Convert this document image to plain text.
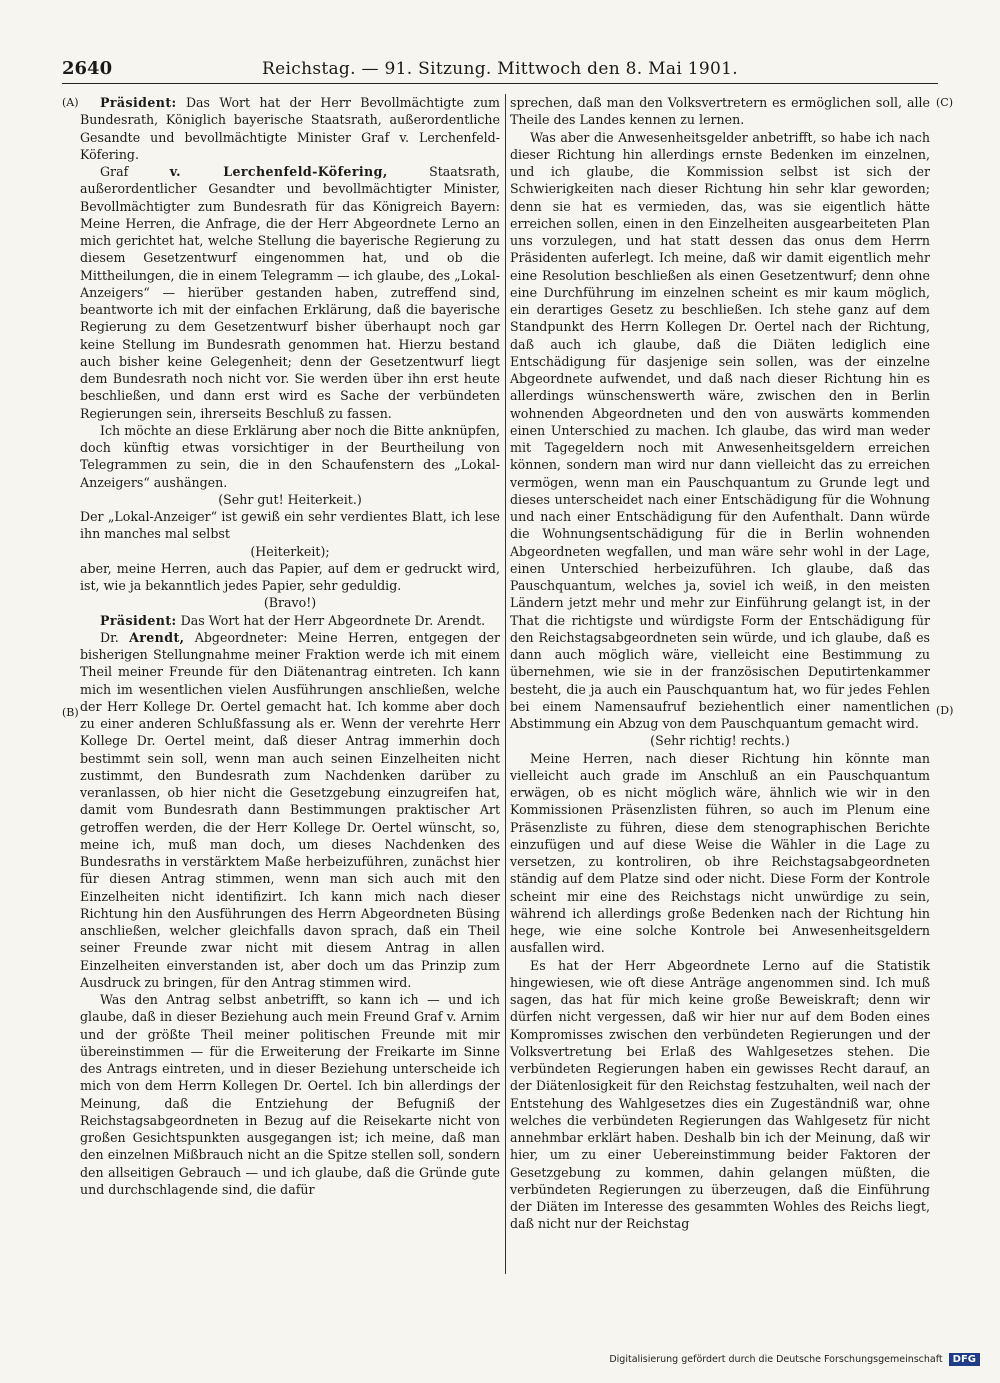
2640	Reichstag. — 91. Sitzung. Mittwoch den 8. Mai 1901.
(A)
(B)
(C)
(D)

Präsident: Das Wort hat der Herr Bevollmächtigte zum Bundesrath, Königlich bayerische Staatsrath, außerordentliche Gesandte und bevollmächtigte Minister Graf v. Lerchenfeld-Köfering.

Graf v. Lerchenfeld-Köfering, Staatsrath, außerordentlicher Gesandter und bevollmächtigter Minister, Bevollmächtigter zum Bundesrath für das Königreich Bayern: Meine Herren, die Anfrage, die der Herr Abgeordnete Lerno an mich gerichtet hat, welche Stellung die bayerische Regierung zu diesem Gesetzentwurf eingenommen hat, und ob die Mittheilungen, die in einem Telegramm — ich glaube, des „Lokal-Anzeigers“ — hierüber gestanden haben, zutreffend sind, beantworte ich mit der einfachen Erklärung, daß die bayerische Regierung zu dem Gesetzentwurf bisher überhaupt noch gar keine Stellung im Bundesrath genommen hat. Hierzu bestand auch bisher keine Gelegenheit; denn der Gesetzentwurf liegt dem Bundesrath noch nicht vor. Sie werden über ihn erst heute beschließen, und dann erst wird es Sache der verbündeten Regierungen sein, ihrerseits Beschluß zu fassen.

Ich möchte an diese Erklärung aber noch die Bitte anknüpfen, doch künftig etwas vorsichtiger in der Beurtheilung von Telegrammen zu sein, die in den Schaufenstern des „Lokal-Anzeigers“ aushängen.

(Sehr gut! Heiterkeit.)

Der „Lokal-Anzeiger“ ist gewiß ein sehr verdientes Blatt, ich lese ihn manches mal selbst

(Heiterkeit);

aber, meine Herren, auch das Papier, auf dem er gedruckt wird, ist, wie ja bekanntlich jedes Papier, sehr geduldig.

(Bravo!)

Präsident: Das Wort hat der Herr Abgeordnete Dr. Arendt.

Dr. Arendt, Abgeordneter: Meine Herren, entgegen der bisherigen Stellungnahme meiner Fraktion werde ich mit einem Theil meiner Freunde für den Diätenantrag eintreten. Ich kann mich im wesentlichen vielen Ausführungen anschließen, welche der Herr Kollege Dr. Oertel gemacht hat. Ich komme aber doch zu einer anderen Schlußfassung als er. Wenn der verehrte Herr Kollege Dr. Oertel meint, daß dieser Antrag immerhin doch bestimmt sein soll, wenn man auch seinen Einzelheiten nicht zustimmt, den Bundesrath zum Nachdenken darüber zu veranlassen, ob hier nicht die Gesetzgebung einzugreifen hat, damit vom Bundesrath dann Bestimmungen praktischer Art getroffen werden, die der Herr Kollege Dr. Oertel wünscht, so, meine ich, muß man doch, um dieses Nachdenken des Bundesraths in verstärktem Maße herbeizuführen, zunächst hier für diesen Antrag stimmen, wenn man sich auch mit den Einzelheiten nicht identifizirt. Ich kann mich nach dieser Richtung hin den Ausführungen des Herrn Abgeordneten Büsing anschließen, welcher gleichfalls davon sprach, daß ein Theil seiner Freunde zwar nicht mit diesem Antrag in allen Einzelheiten einverstanden ist, aber doch um das Prinzip zum Ausdruck zu bringen, für den Antrag stimmen wird.

Was den Antrag selbst anbetrifft, so kann ich — und ich glaube, daß in dieser Beziehung auch mein Freund Graf v. Arnim und der größte Theil meiner politischen Freunde mit mir übereinstimmen — für die Erweiterung der Freikarte im Sinne des Antrags eintreten, und in dieser Beziehung unterscheide ich mich von dem Herrn Kollegen Dr. Oertel. Ich bin allerdings der Meinung, daß die Entziehung der Befugniß der Reichstagsabgeordneten in Bezug auf die Reisekarte nicht von großen Gesichtspunkten ausgegangen ist; ich meine, daß man den einzelnen Mißbrauch nicht an die Spitze stellen soll, sondern den allseitigen Gebrauch — und ich glaube, daß die Gründe gute und durchschlagende sind, die dafür

sprechen, daß man den Volksvertretern es ermöglichen soll, alle Theile des Landes kennen zu lernen.

Was aber die Anwesenheitsgelder anbetrifft, so habe ich nach dieser Richtung hin allerdings ernste Bedenken im einzelnen, und ich glaube, die Kommission selbst ist sich der Schwierigkeiten nach dieser Richtung hin sehr klar geworden; denn sie hat es vermieden, das, was sie eigentlich hätte erreichen sollen, einen in den Einzelheiten ausgearbeiteten Plan uns vorzulegen, und hat statt dessen das onus dem Herrn Präsidenten auferlegt. Ich meine, daß wir damit eigentlich mehr eine Resolution beschließen als einen Gesetzentwurf; denn ohne eine Durchführung im einzelnen scheint es mir kaum möglich, ein derartiges Gesetz zu beschließen. Ich stehe ganz auf dem Standpunkt des Herrn Kollegen Dr. Oertel nach der Richtung, daß auch ich glaube, daß die Diäten lediglich eine Entschädigung für dasjenige sein sollen, was der einzelne Abgeordnete aufwendet, und daß nach dieser Richtung hin es allerdings wünschenswerth wäre, zwischen den in Berlin wohnenden Abgeordneten und den von auswärts kommenden einen Unterschied zu machen. Ich glaube, das wird man weder mit Tagegeldern noch mit Anwesenheitsgeldern erreichen können, sondern man wird nur dann vielleicht das zu erreichen vermögen, wenn man ein Pauschquantum zu Grunde legt und dieses unterscheidet nach einer Entschädigung für die Wohnung und nach einer Entschädigung für den Aufenthalt. Dann würde die Wohnungsentschädigung für die in Berlin wohnenden Abgeordneten wegfallen, und man wäre sehr wohl in der Lage, einen Unterschied herbeizuführen. Ich glaube, daß das Pauschquantum, welches ja, soviel ich weiß, in den meisten Ländern jetzt mehr und mehr zur Einführung gelangt ist, in der That die richtigste und würdigste Form der Entschädigung für den Reichstagsabgeordneten sein würde, und ich glaube, daß es dann auch möglich wäre, vielleicht eine Bestimmung zu übernehmen, wie sie in der französischen Deputirtenkammer besteht, die ja auch ein Pauschquantum hat, wo für jedes Fehlen bei einem Namensaufruf beziehentlich einer namentlichen Abstimmung ein Abzug von dem Pauschquantum gemacht wird.

(Sehr richtig! rechts.)

Meine Herren, nach dieser Richtung hin könnte man vielleicht auch grade im Anschluß an ein Pauschquantum erwägen, ob es nicht möglich wäre, ähnlich wie wir in den Kommissionen Präsenzlisten führen, so auch im Plenum eine Präsenzliste zu führen, diese dem stenographischen Berichte einzufügen und auf diese Weise die Wähler in die Lage zu versetzen, zu kontroliren, ob ihre Reichstagsabgeordneten ständig auf dem Platze sind oder nicht. Diese Form der Kontrole scheint mir eine des Reichstags nicht unwürdige zu sein, während ich allerdings große Bedenken nach der Richtung hin hege, wie eine solche Kontrole bei Anwesenheitsgeldern ausfallen wird.

Es hat der Herr Abgeordnete Lerno auf die Statistik hingewiesen, wie oft diese Anträge angenommen sind. Ich muß sagen, das hat für mich keine große Beweiskraft; denn wir dürfen nicht vergessen, daß wir hier nur auf dem Boden eines Kompromisses zwischen den verbündeten Regierungen und der Volksvertretung bei Erlaß des Wahlgesetzes stehen. Die verbündeten Regierungen haben ein gewisses Recht darauf, an der Diätenlosigkeit für den Reichstag festzuhalten, weil nach der Entstehung des Wahlgesetzes dies ein Zugeständniß war, ohne welches die verbündeten Regierungen das Wahlgesetz für nicht annehmbar erklärt haben. Deshalb bin ich der Meinung, daß wir hier, um zu einer Uebereinstimmung beider Faktoren der Gesetzgebung zu kommen, dahin gelangen müßten, die verbündeten Regierungen zu überzeugen, daß die Einführung der Diäten im Interesse des gesammten Wohles des Reichs liegt, daß nicht nur der Reichstag

Digitalisierung gefördert durch die Deutsche Forschungsgemeinschaft	DFG
